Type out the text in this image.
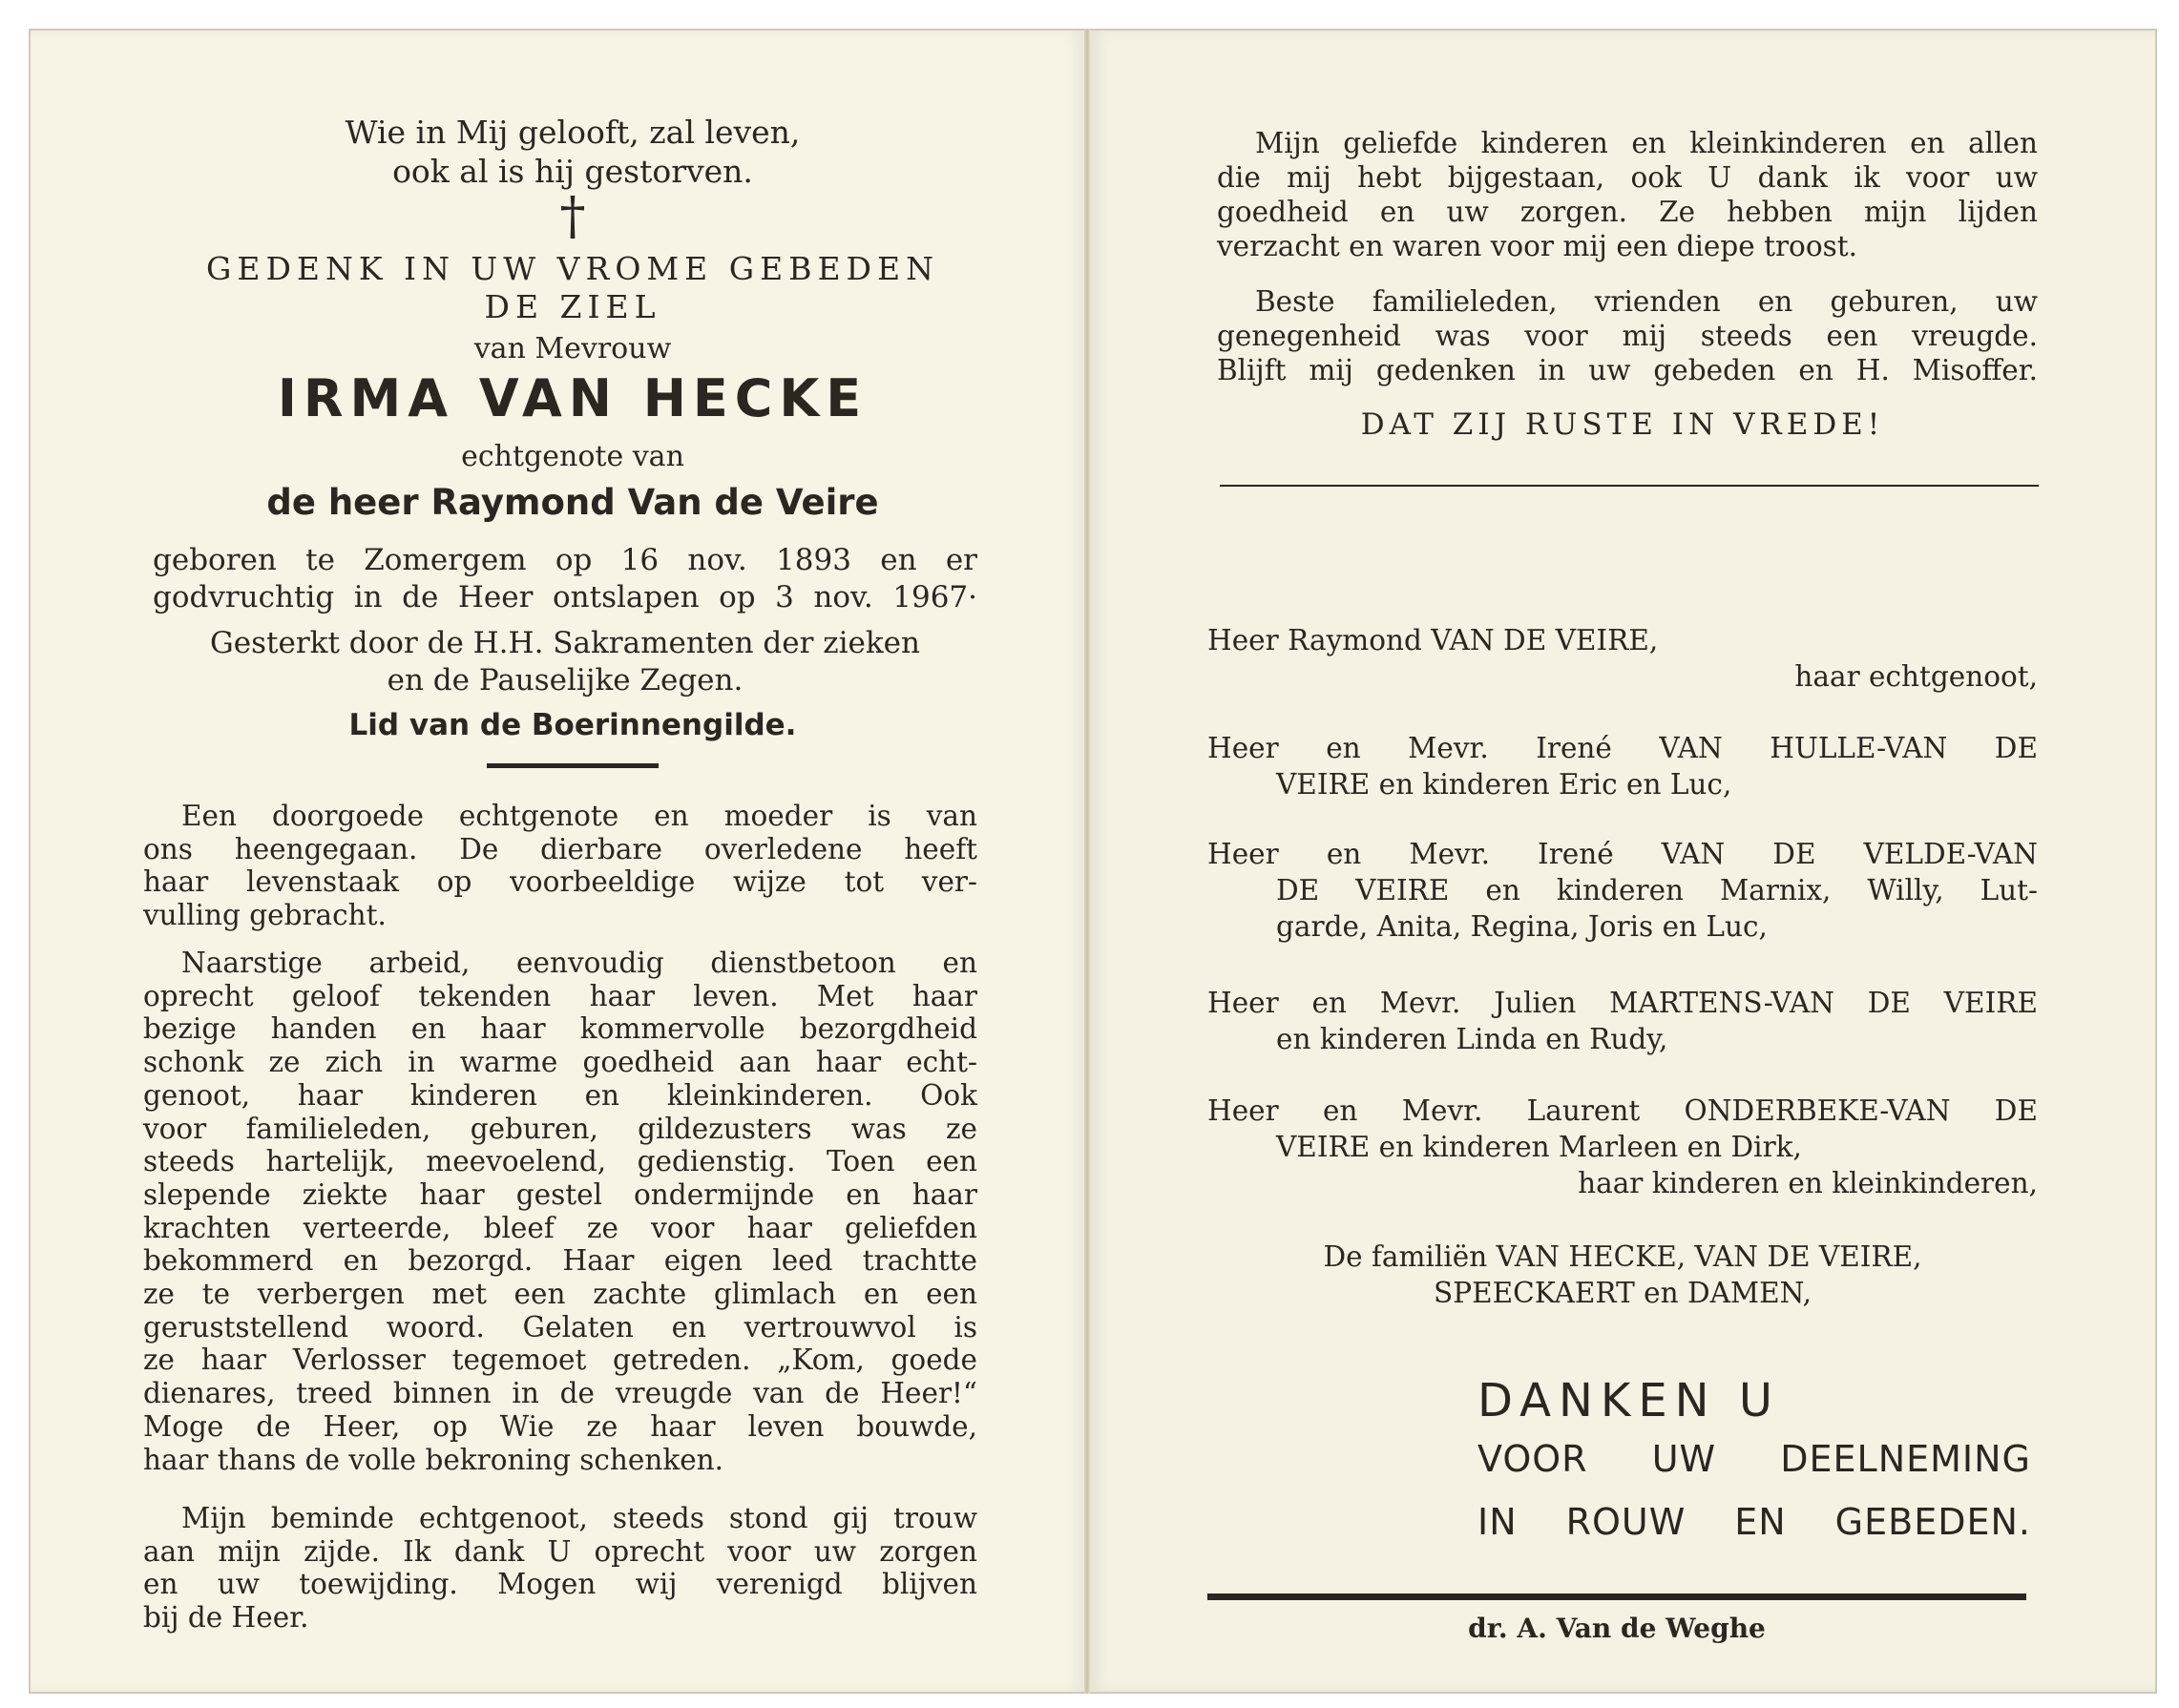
Wie in Mij gelooft, zal leven,
ook al is hij gestorven.
†
GEDENK IN UW VROME GEBEDEN
DE ZIEL
van Mevrouw
IRMA VAN HECKE
echtgenote van
de heer Raymond Van de Veire
geboren te Zomergem op 16 nov. 1893 en er
godvruchtig in de Heer ontslapen op 3 nov. 1967·
Gesterkt door de H.H. Sakramenten der zieken
en de Pauselijke Zegen.
Lid van de Boerinnengilde.
Een doorgoede echtgenote en moeder is van
ons heengegaan. De dierbare overledene heeft
haar levenstaak op voorbeeldige wijze tot ver-
vulling gebracht.
Naarstige arbeid, eenvoudig dienstbetoon en
oprecht geloof tekenden haar leven. Met haar
bezige handen en haar kommervolle bezorgdheid
schonk ze zich in warme goedheid aan haar echt-
genoot, haar kinderen en kleinkinderen. Ook
voor familieleden, geburen, gildezusters was ze
steeds hartelijk, meevoelend, gedienstig. Toen een
slepende ziekte haar gestel ondermijnde en haar
krachten verteerde, bleef ze voor haar geliefden
bekommerd en bezorgd. Haar eigen leed trachtte
ze te verbergen met een zachte glimlach en een
geruststellend woord. Gelaten en vertrouwvol is
ze haar Verlosser tegemoet getreden. „Kom, goede
dienares, treed binnen in de vreugde van de Heer!“
Moge de Heer, op Wie ze haar leven bouwde,
haar thans de volle bekroning schenken.
Mijn beminde echtgenoot, steeds stond gij trouw
aan mijn zijde. Ik dank U oprecht voor uw zorgen
en uw toewijding. Mogen wij verenigd blijven
bij de Heer.
Mijn geliefde kinderen en kleinkinderen en allen
die mij hebt bijgestaan, ook U dank ik voor uw
goedheid en uw zorgen. Ze hebben mijn lijden
verzacht en waren voor mij een diepe troost.
Beste familieleden, vrienden en geburen, uw
genegenheid was voor mij steeds een vreugde.
Blijft mij gedenken in uw gebeden en H. Misoffer.
DAT ZIJ RUSTE IN VREDE!
Heer Raymond VAN DE VEIRE,
haar echtgenoot,
Heer en Mevr. Irené VAN HULLE-VAN DE
VEIRE en kinderen Eric en Luc,
Heer en Mevr. Irené VAN DE VELDE-VAN
DE VEIRE en kinderen Marnix, Willy, Lut-
garde, Anita, Regina, Joris en Luc,
Heer en Mevr. Julien MARTENS-VAN DE VEIRE
en kinderen Linda en Rudy,
Heer en Mevr. Laurent ONDERBEKE-VAN DE
VEIRE en kinderen Marleen en Dirk,
haar kinderen en kleinkinderen,
De familiën VAN HECKE, VAN DE VEIRE,
SPEECKAERT en DAMEN,
DANKEN U
VOOR UW DEELNEMING
IN ROUW EN GEBEDEN.
dr. A. Van de Weghe
